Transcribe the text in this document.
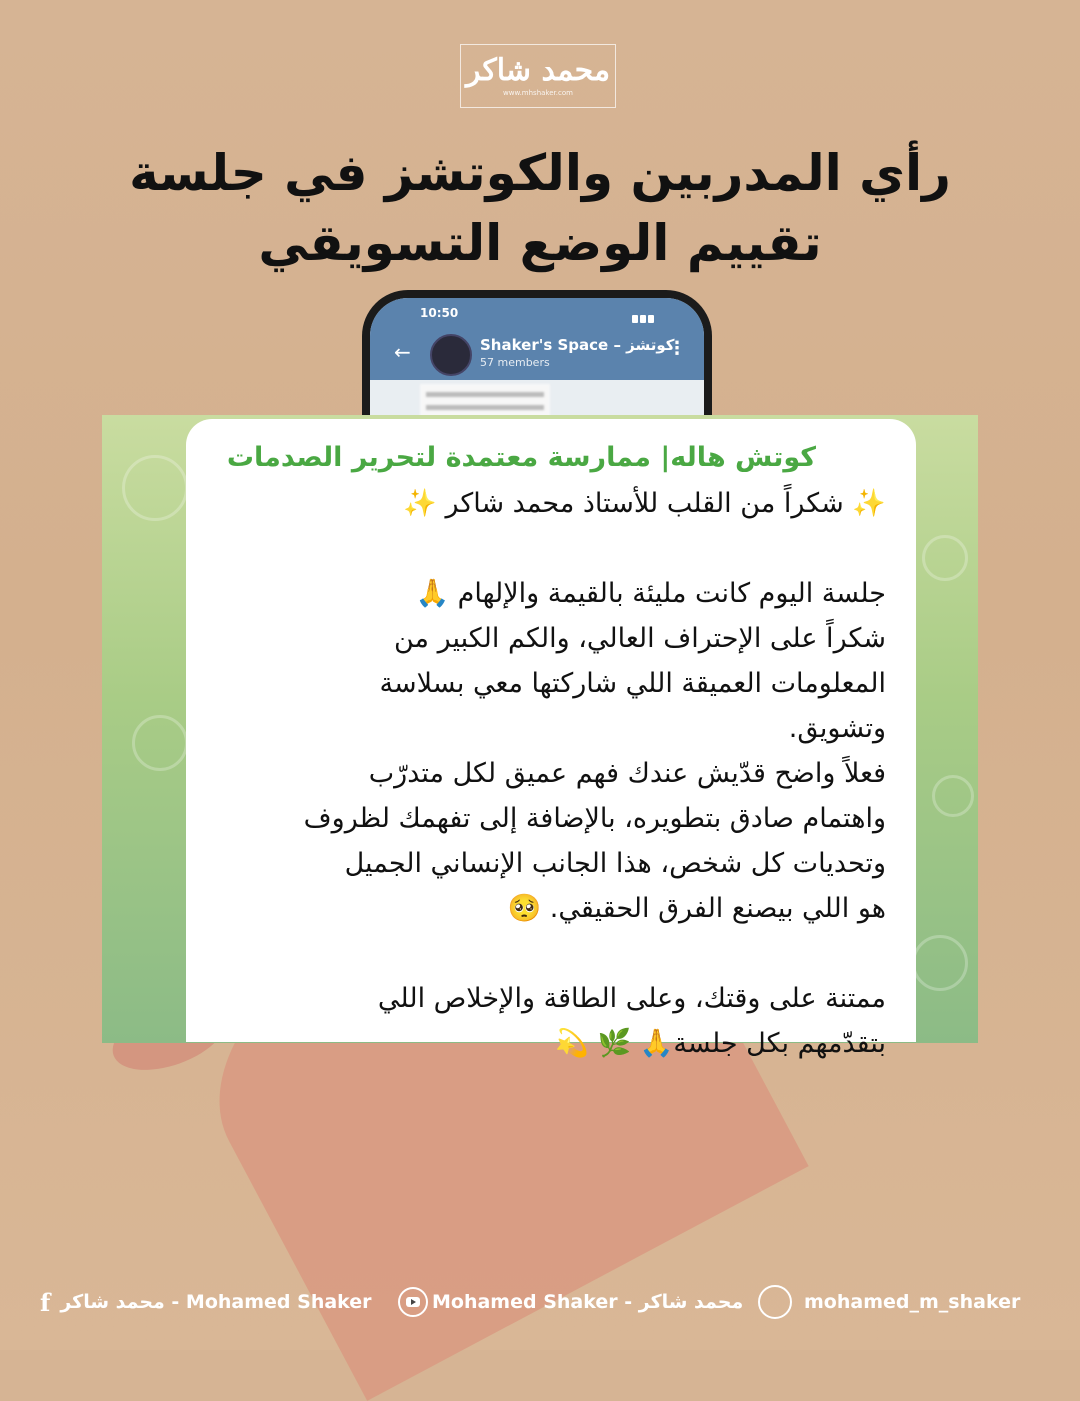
محمد شاكر
www.mhshaker.com
رأي المدربين والكوتشز في جلسة
تقييم الوضع التسويقي
10:50
←	Shaker's Space – كوتشز
57 members
⋮
كوتش هاله| ممارسة معتمدة لتحرير الصدمات

✨ شكراً من القلب للأستاذ محمد شاكر ✨

جلسة اليوم كانت مليئة بالقيمة والإلهام 🙏

شكراً على الإحتراف العالي، والكم الكبير من

المعلومات العميقة اللي شاركتها معي بسلاسة

وتشويق.

فعلاً واضح قدّيش عندك فهم عميق لكل متدرّب

واهتمام صادق بتطويره، بالإضافة إلى تفهمك لظروف

وتحديات كل شخص، هذا الجانب الإنساني الجميل

هو اللي بيصنع الفرق الحقيقي. 🥺

ممتنة على وقتك، وعلى الطاقة والإخلاص اللي

بتقدّمهم بكل جلسة🙏 🌿 💫

f محمد شاكر - Mohamed Shaker	Mohamed Shaker - محمد شاكر	mohamed_m_shaker
